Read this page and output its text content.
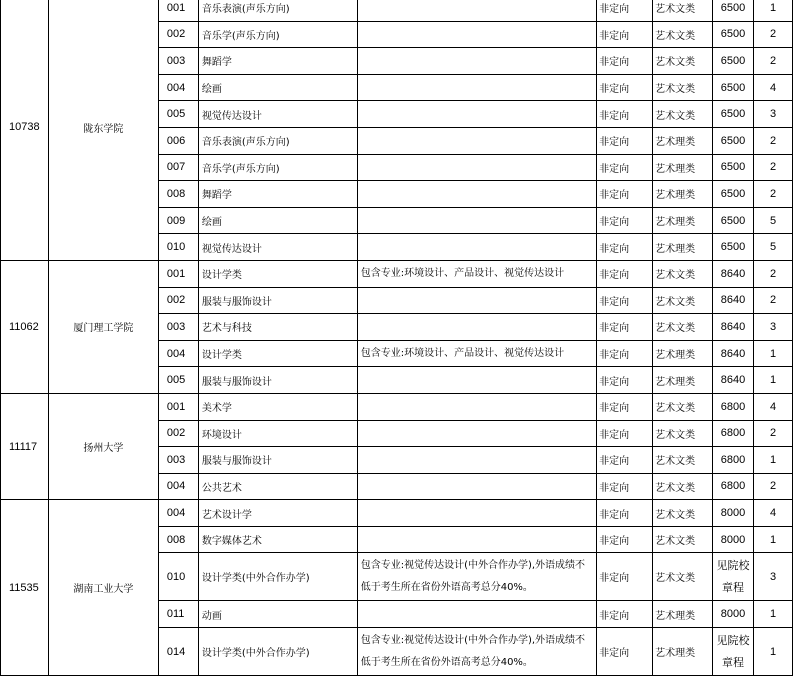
10738	陇东学院	001	音乐表演(声乐方向)		非定向	艺术文类	6500	1
		002	音乐学(声乐方向)		非定向	艺术文类	6500	2
		003	舞蹈学		非定向	艺术文类	6500	2
		004	绘画		非定向	艺术文类	6500	4
		005	视觉传达设计		非定向	艺术文类	6500	3
		006	音乐表演(声乐方向)		非定向	艺术理类	6500	2
		007	音乐学(声乐方向)		非定向	艺术理类	6500	2
		008	舞蹈学		非定向	艺术理类	6500	2
		009	绘画		非定向	艺术理类	6500	5
		010	视觉传达设计		非定向	艺术理类	6500	5
11062	厦门理工学院	001	设计学类	包含专业:环境设计、产品设计、视觉传达设计	非定向	艺术文类	8640	2
		002	服装与服饰设计		非定向	艺术文类	8640	2
		003	艺术与科技		非定向	艺术文类	8640	3
		004	设计学类	包含专业:环境设计、产品设计、视觉传达设计	非定向	艺术理类	8640	1
		005	服装与服饰设计		非定向	艺术理类	8640	1
11117	扬州大学	001	美术学		非定向	艺术文类	6800	4
		002	环境设计		非定向	艺术文类	6800	2
		003	服装与服饰设计		非定向	艺术文类	6800	1
		004	公共艺术		非定向	艺术文类	6800	2
11535	湖南工业大学	004	艺术设计学		非定向	艺术文类	8000	4
		008	数字媒体艺术		非定向	艺术文类	8000	1
		010	设计学类(中外合作办学)	包含专业:视觉传达设计(中外合作办学),外语成绩不低于考生所在省份外语高考总分40%。	非定向	艺术文类	见院校章程	3
		011	动画		非定向	艺术理类	8000	1
		014	设计学类(中外合作办学)	包含专业:视觉传达设计(中外合作办学),外语成绩不低于考生所在省份外语高考总分40%。	非定向	艺术理类	见院校章程	1
